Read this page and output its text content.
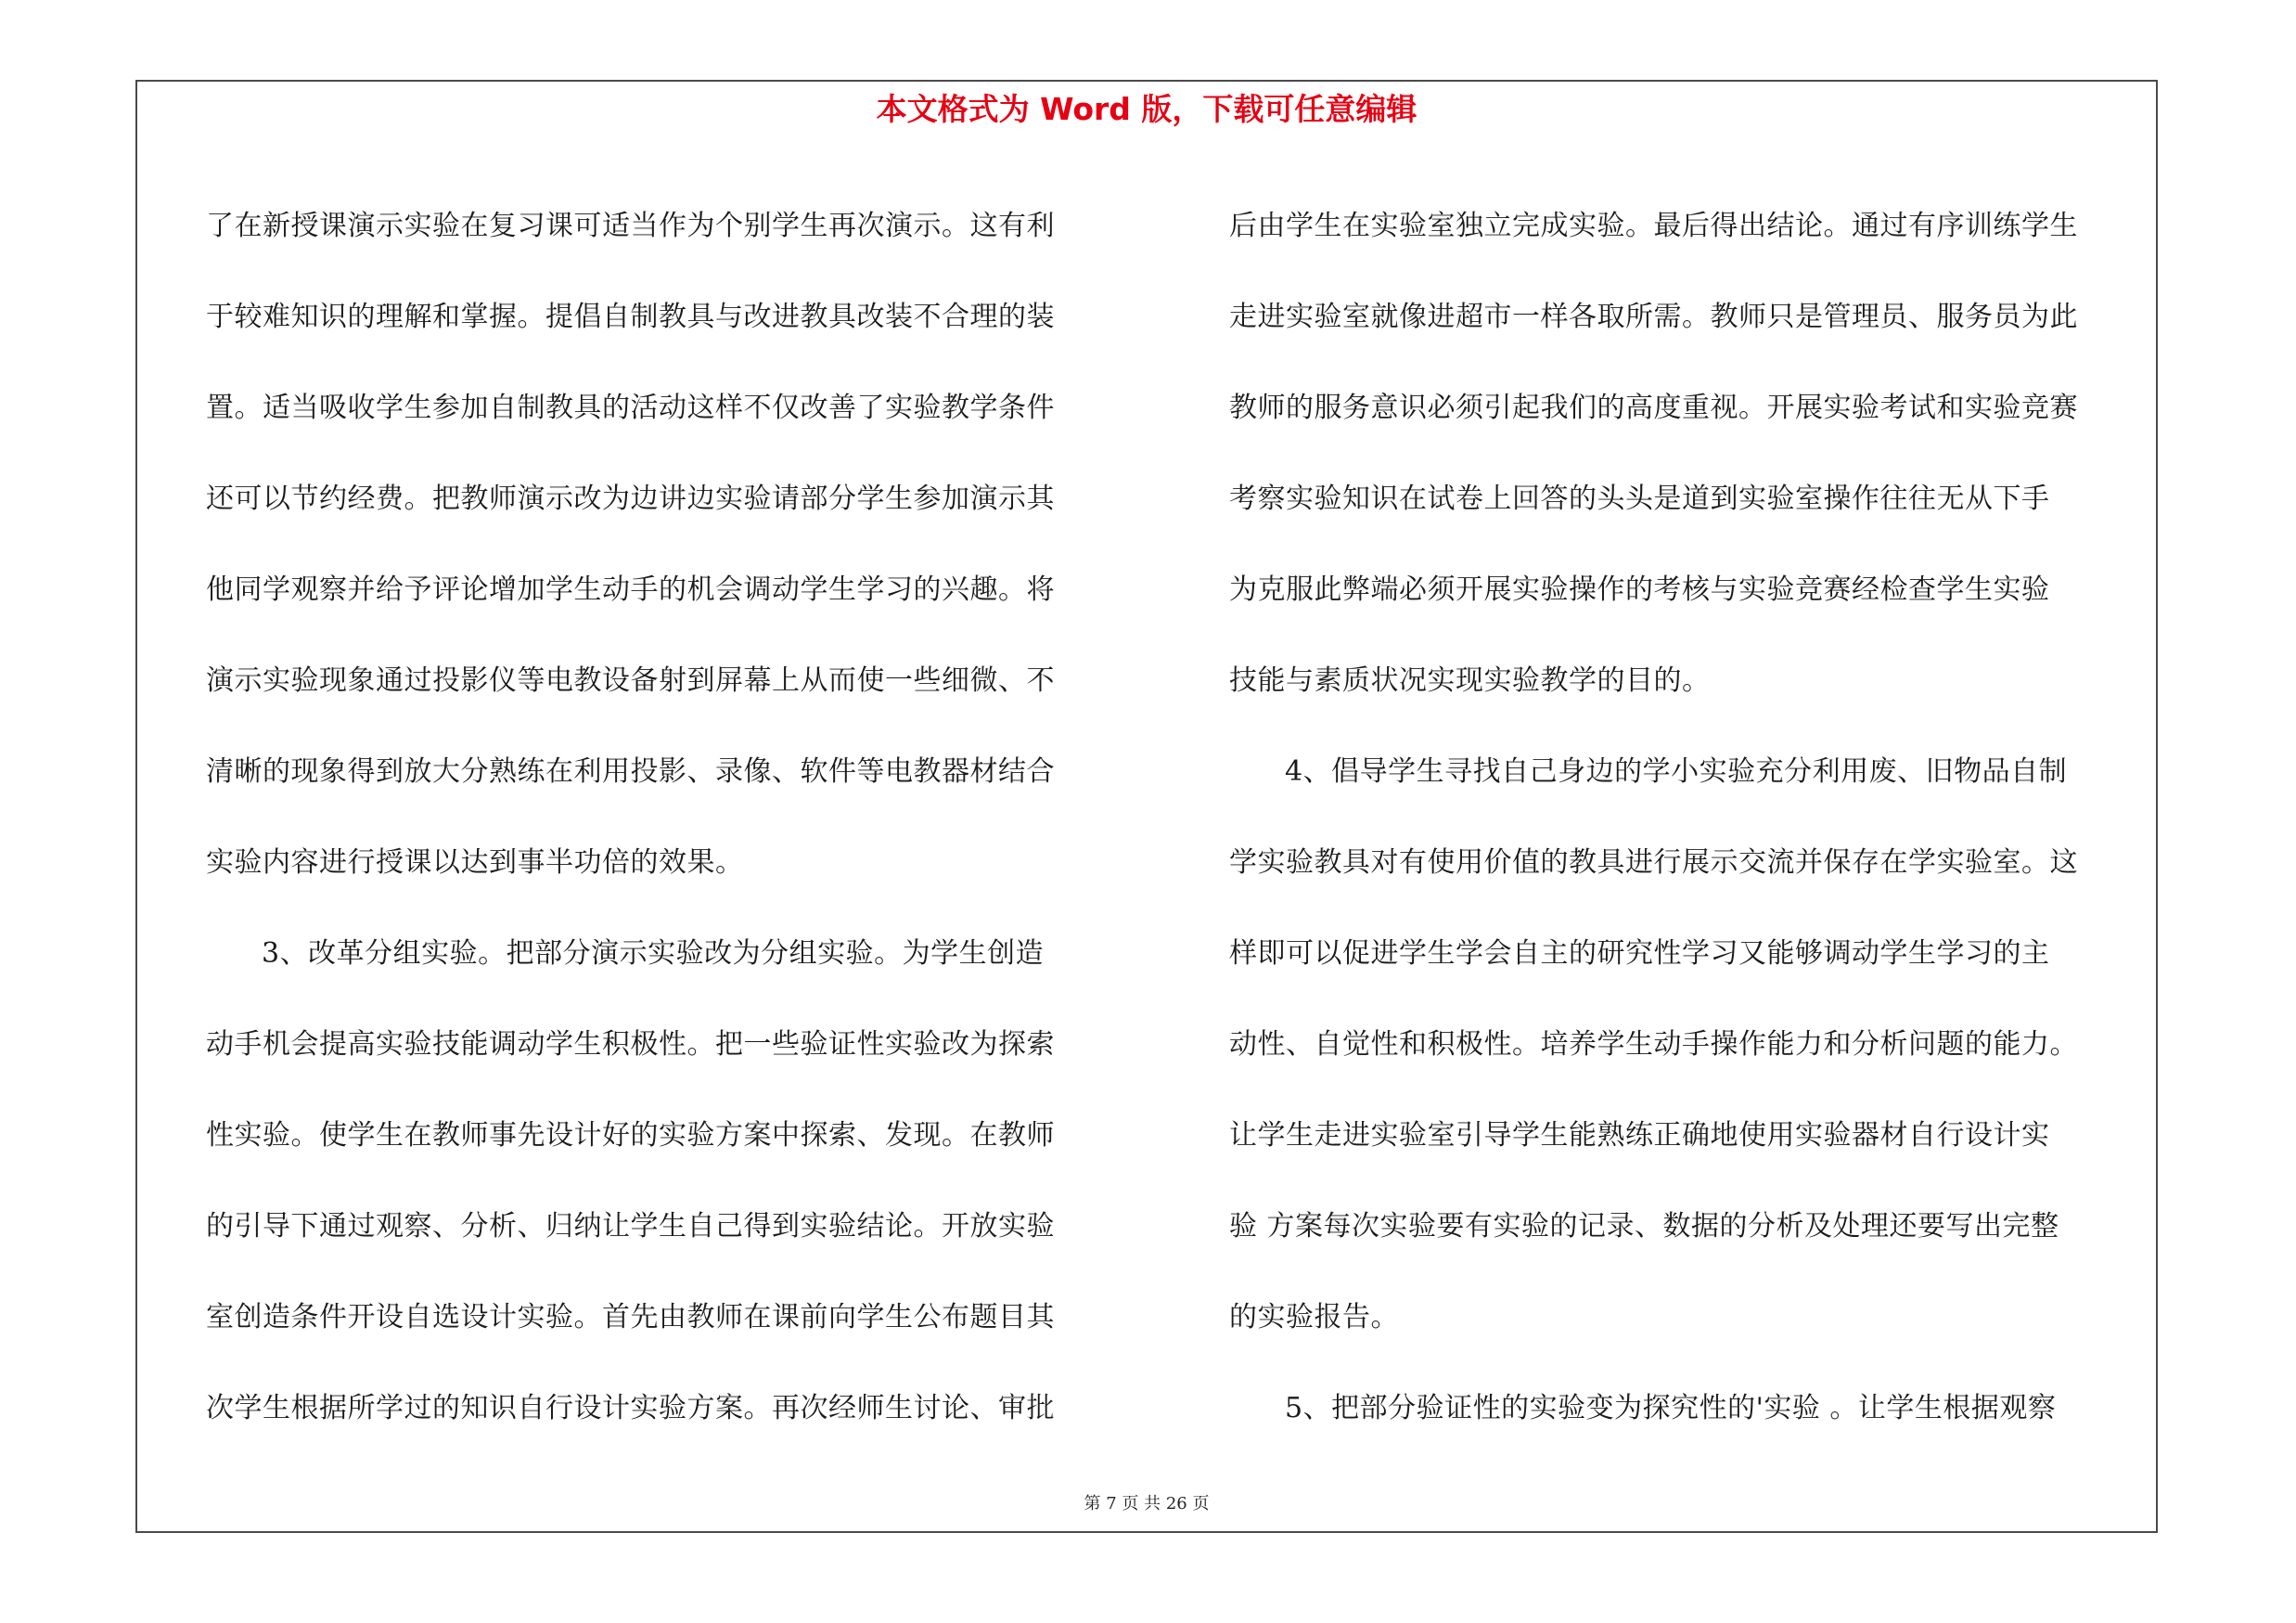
本文格式为 Word 版，下载可任意编辑
了在新授课演示实验在复习课可适当作为个别学生再次演示。这有利
于较难知识的理解和掌握。提倡自制教具与改进教具改装不合理的装
置。适当吸收学生参加自制教具的活动这样不仅改善了实验教学条件
还可以节约经费。把教师演示改为边讲边实验请部分学生参加演示其
他同学观察并给予评论增加学生动手的机会调动学生学习的兴趣。将
演示实验现象通过投影仪等电教设备射到屏幕上从而使一些细微、不
清晰的现象得到放大分熟练在利用投影、录像、软件等电教器材结合
实验内容进行授课以达到事半功倍的效果。
3、改革分组实验。把部分演示实验改为分组实验。为学生创造
动手机会提高实验技能调动学生积极性。把一些验证性实验改为探索
性实验。使学生在教师事先设计好的实验方案中探索、发现。在教师
的引导下通过观察、分析、归纳让学生自己得到实验结论。开放实验
室创造条件开设自选设计实验。首先由教师在课前向学生公布题目其
次学生根据所学过的知识自行设计实验方案。再次经师生讨论、审批
后由学生在实验室独立完成实验。最后得出结论。通过有序训练学生
走进实验室就像进超市一样各取所需。教师只是管理员、服务员为此
教师的服务意识必须引起我们的高度重视。开展实验考试和实验竞赛
考察实验知识在试卷上回答的头头是道到实验室操作往往无从下手
为克服此弊端必须开展实验操作的考核与实验竞赛经检查学生实验
技能与素质状况实现实验教学的目的。
4、倡导学生寻找自己身边的学小实验充分利用废、旧物品自制
学实验教具对有使用价值的教具进行展示交流并保存在学实验室。这
样即可以促进学生学会自主的研究性学习又能够调动学生学习的主
动性、自觉性和积极性。培养学生动手操作能力和分析问题的能力。
让学生走进实验室引导学生能熟练正确地使用实验器材自行设计实
验 方案每次实验要有实验的记录、数据的分析及处理还要写出完整
的实验报告。
5、把部分验证性的实验变为探究性的'实验 。让学生根据观察
第 7 页 共 26 页
